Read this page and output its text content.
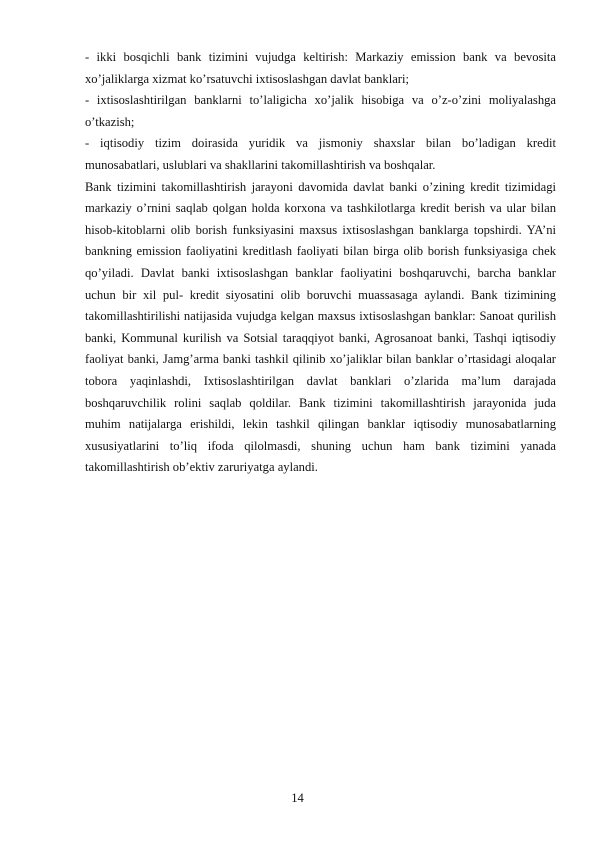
- ikki bosqichli bank tizimini vujudga keltirish: Markaziy emission bank va bevosita xo’jaliklarga xizmat ko’rsatuvchi ixtisoslashgan davlat banklari;

- ixtisoslashtirilgan banklarni to’laligicha xo’jalik hisobiga va o’z-o’zini moliyalashga o’tkazish;

- iqtisodiy tizim doirasida yuridik va jismoniy shaxslar bilan bo’ladigan kredit munosabatlari, uslublari va shakllarini takomillashtirish va boshqalar.

Bank tizimini takomillashtirish jarayoni davomida davlat banki o’zining kredit tizimidagi markaziy o’rnini saqlab qolgan holda korxona va tashkilotlarga kredit berish va ular bilan hisob-kitoblarni olib borish funksiyasini maxsus ixtisoslashgan banklarga topshirdi. YA’ni bankning emission faoliyatini kreditlash faoliyati bilan birga olib borish funksiyasiga chek qo’yiladi. Davlat banki ixtisoslashgan banklar faoliyatini boshqaruvchi, barcha banklar uchun bir xil pul- kredit siyosatini olib boruvchi muassasaga aylandi. Bank tizimining takomillashtirilishi natijasida vujudga kelgan maxsus ixtisoslashgan banklar: Sanoat qurilish banki, Kommunal kurilish va Sotsial taraqqiyot banki, Agrosanoat banki, Tashqi iqtisodiy faoliyat banki, Jamg’arma banki tashkil qilinib xo’jaliklar bilan banklar o’rtasidagi aloqalar tobora yaqinlashdi, Ixtisoslashtirilgan davlat banklari o’zlarida ma’lum darajada boshqaruvchilik rolini saqlab qoldilar. Bank tizimini takomillashtirish jarayonida juda muhim natijalarga erishildi, lekin tashkil qilingan banklar iqtisodiy munosabatlarning xususiyatlarini to’liq ifoda qilolmasdi, shuning uchun ham bank tizimini yanada takomillashtirish ob’ektiv zaruriyatga aylandi.

14
